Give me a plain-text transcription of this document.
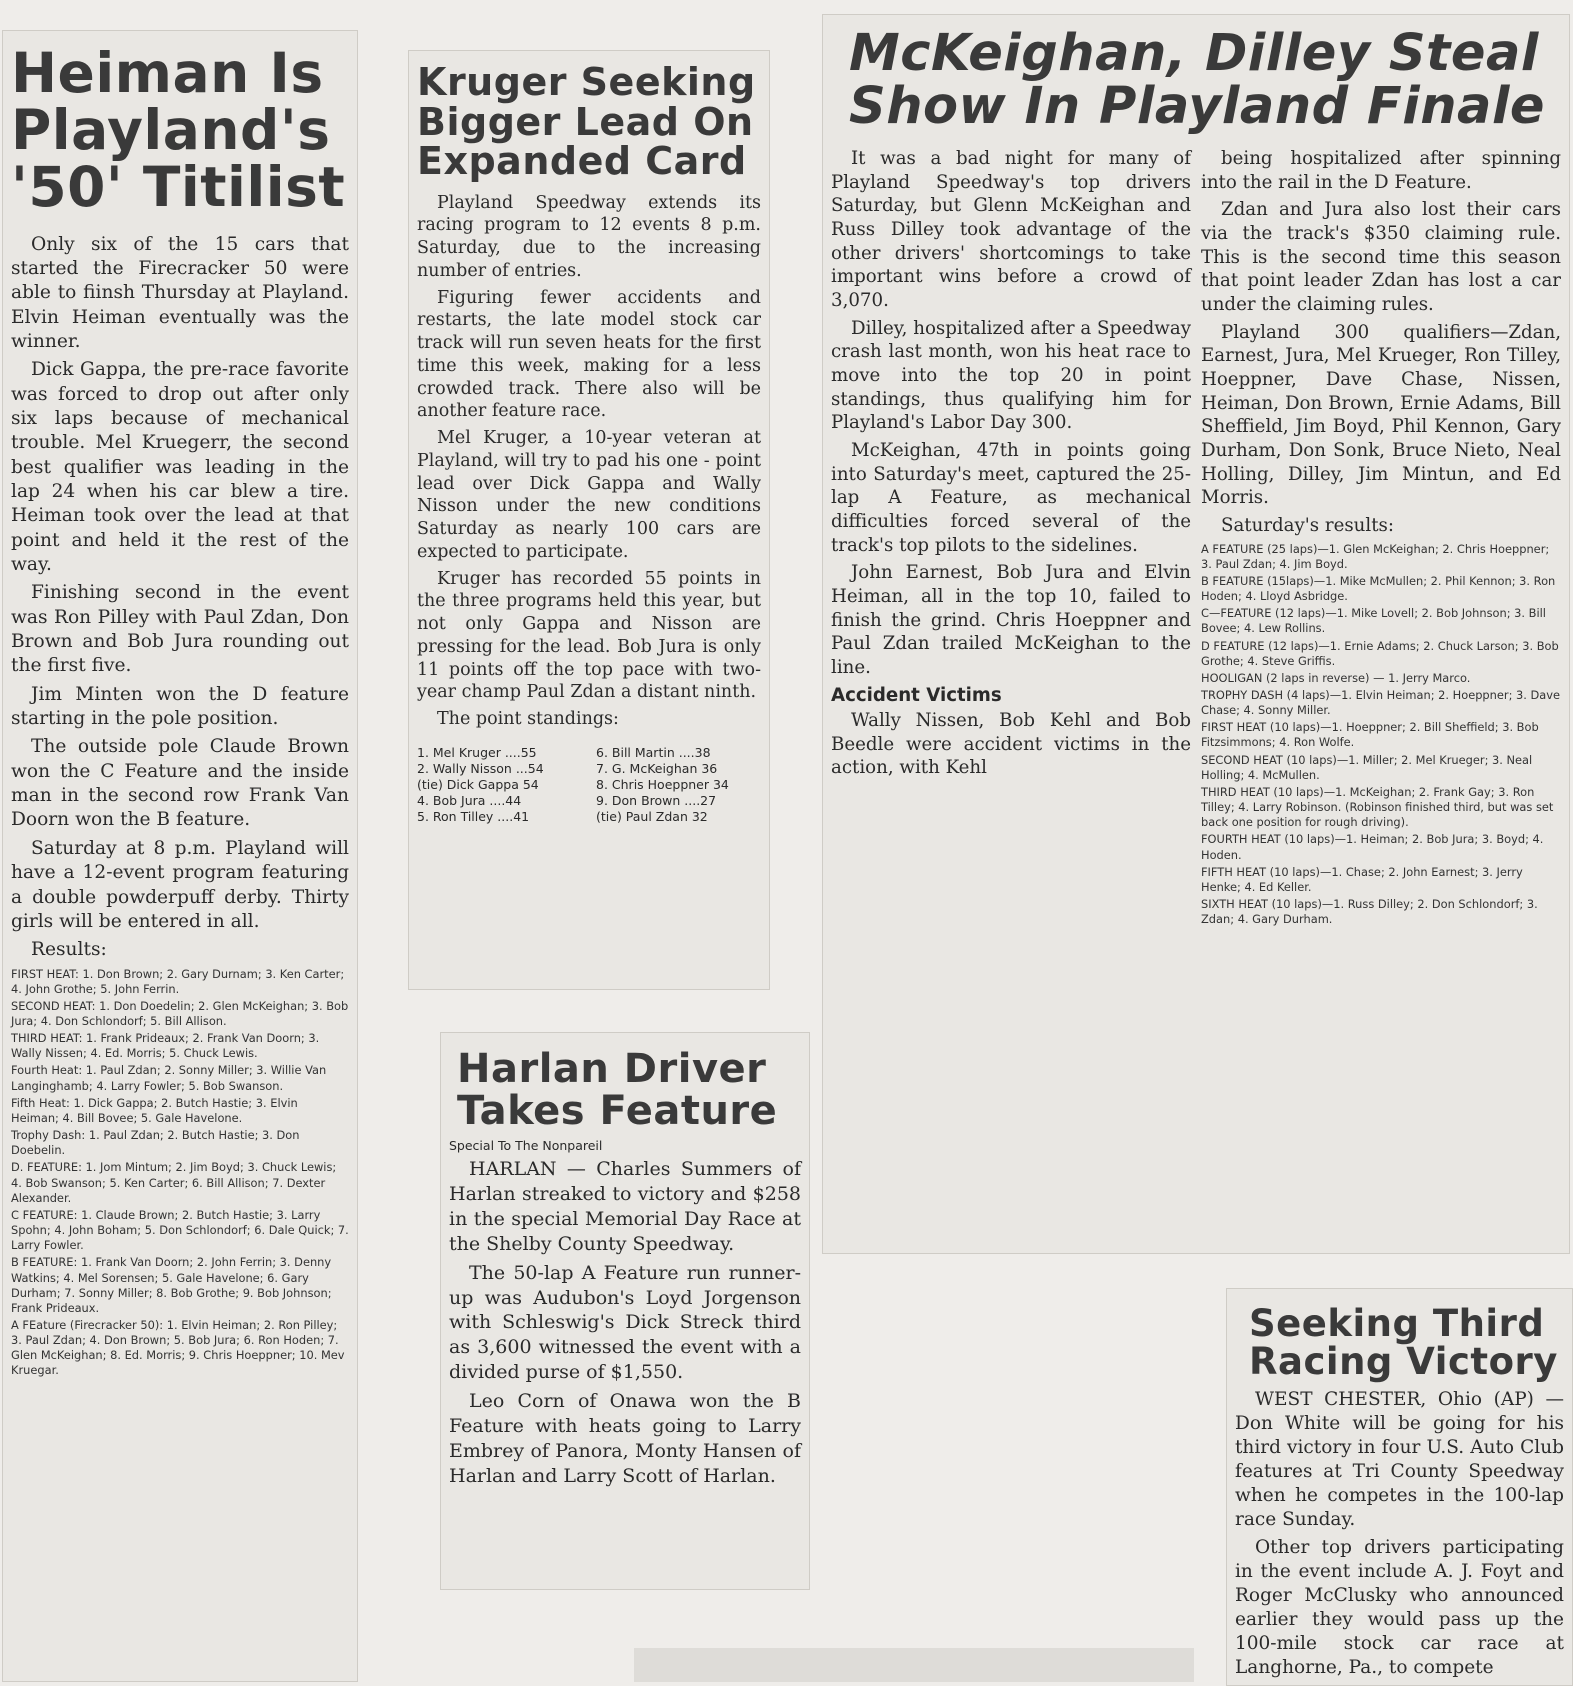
Heiman Is Playland's '50' Titilist

Only six of the 15 cars that started the Firecracker 50 were able to fiinsh Thursday at Playland. Elvin Heiman eventually was the winner.

Dick Gappa, the pre-race favorite was forced to drop out after only six laps because of mechanical trouble. Mel Kruegerr, the second best qualifier was leading in the lap 24 when his car blew a tire. Heiman took over the lead at that point and held it the rest of the way.

Finishing second in the event was Ron Pilley with Paul Zdan, Don Brown and Bob Jura rounding out the first five.

Jim Minten won the D feature starting in the pole position.

The outside pole Claude Brown won the C Feature and the inside man in the second row Frank Van Doorn won the B feature.

Saturday at 8 p.m. Playland will have a 12-event program featuring a double powderpuff derby. Thirty girls will be entered in all.

Results:

FIRST HEAT: 1. Don Brown; 2. Gary Durnam; 3. Ken Carter; 4. John Grothe; 5. John Ferrin.

SECOND HEAT: 1. Don Doedelin; 2. Glen McKeighan; 3. Bob Jura; 4. Don Schlondorf; 5. Bill Allison.

THIRD HEAT: 1. Frank Prideaux; 2. Frank Van Doorn; 3. Wally Nissen; 4. Ed. Morris; 5. Chuck Lewis.

Fourth Heat: 1. Paul Zdan; 2. Sonny Miller; 3. Willie Van Langinghamb; 4. Larry Fowler; 5. Bob Swanson.

Fifth Heat: 1. Dick Gappa; 2. Butch Hastie; 3. Elvin Heiman; 4. Bill Bovee; 5. Gale Havelone.

Trophy Dash: 1. Paul Zdan; 2. Butch Hastie; 3. Don Doebelin.

D. FEATURE: 1. Jom Mintum; 2. Jim Boyd; 3. Chuck Lewis; 4. Bob Swanson; 5. Ken Carter; 6. Bill Allison; 7. Dexter Alexander.

C FEATURE: 1. Claude Brown; 2. Butch Hastie; 3. Larry Spohn; 4. John Boham; 5. Don Schlondorf; 6. Dale Quick; 7. Larry Fowler.

B FEATURE: 1. Frank Van Doorn; 2. John Ferrin; 3. Denny Watkins; 4. Mel Sorensen; 5. Gale Havelone; 6. Gary Durham; 7. Sonny Miller; 8. Bob Grothe; 9. Bob Johnson; Frank Prideaux.

A FEature (Firecracker 50): 1. Elvin Heiman; 2. Ron Pilley; 3. Paul Zdan; 4. Don Brown; 5. Bob Jura; 6. Ron Hoden; 7. Glen McKeighan; 8. Ed. Morris; 9. Chris Hoeppner; 10. Mev Kruegar.

Kruger Seeking Bigger Lead On Expanded Card

Playland Speedway extends its racing program to 12 events 8 p.m. Saturday, due to the increasing number of entries.

Figuring fewer accidents and restarts, the late model stock car track will run seven heats for the first time this week, making for a less crowded track. There also will be another feature race.

Mel Kruger, a 10-year veteran at Playland, will try to pad his one - point lead over Dick Gappa and Wally Nisson under the new conditions Saturday as nearly 100 cars are expected to participate.

Kruger has recorded 55 points in the three programs held this year, but not only Gappa and Nisson are pressing for the lead. Bob Jura is only 11 points off the top pace with two-year champ Paul Zdan a distant ninth.

The point standings:

1. Mel Kruger ....55
2. Wally Nisson ...54
(tie) Dick Gappa 54
4. Bob Jura ....44
5. Ron Tilley ....41
6. Bill Martin ....38
7. G. McKeighan 36
8. Chris Hoeppner 34
9. Don Brown ....27
(tie) Paul Zdan 32
McKeighan, Dilley Steal Show In Playland Finale

It was a bad night for many of Playland Speedway's top drivers Saturday, but Glenn McKeighan and Russ Dilley took advantage of the other drivers' shortcomings to take important wins before a crowd of 3,070.

Dilley, hospitalized after a Speedway crash last month, won his heat race to move into the top 20 in point standings, thus qualifying him for Playland's Labor Day 300.

McKeighan, 47th in points going into Saturday's meet, captured the 25-lap A Feature, as mechanical difficulties forced several of the track's top pilots to the sidelines.

John Earnest, Bob Jura and Elvin Heiman, all in the top 10, failed to finish the grind. Chris Hoeppner and Paul Zdan trailed McKeighan to the line.

Accident Victims

Wally Nissen, Bob Kehl and Bob Beedle were accident victims in the action, with Kehl

being hospitalized after spinning into the rail in the D Feature.

Zdan and Jura also lost their cars via the track's $350 claiming rule. This is the second time this season that point leader Zdan has lost a car under the claiming rules.

Playland 300 qualifiers—Zdan, Earnest, Jura, Mel Krueger, Ron Tilley, Hoeppner, Dave Chase, Nissen, Heiman, Don Brown, Ernie Adams, Bill Sheffield, Jim Boyd, Phil Kennon, Gary Durham, Don Sonk, Bruce Nieto, Neal Holling, Dilley, Jim Mintun, and Ed Morris.

Saturday's results:

A FEATURE (25 laps)—1. Glen McKeighan; 2. Chris Hoeppner; 3. Paul Zdan; 4. Jim Boyd.

B FEATURE (15laps)—1. Mike McMullen; 2. Phil Kennon; 3. Ron Hoden; 4. Lloyd Asbridge.

C—FEATURE (12 laps)—1. Mike Lovell; 2. Bob Johnson; 3. Bill Bovee; 4. Lew Rollins.

D FEATURE (12 laps)—1. Ernie Adams; 2. Chuck Larson; 3. Bob Grothe; 4. Steve Griffis.

HOOLIGAN (2 laps in reverse) — 1. Jerry Marco.

TROPHY DASH (4 laps)—1. Elvin Heiman; 2. Hoeppner; 3. Dave Chase; 4. Sonny Miller.

FIRST HEAT (10 laps)—1. Hoeppner; 2. Bill Sheffield; 3. Bob Fitzsimmons; 4. Ron Wolfe.

SECOND HEAT (10 laps)—1. Miller; 2. Mel Krueger; 3. Neal Holling; 4. McMullen.

THIRD HEAT (10 laps)—1. McKeighan; 2. Frank Gay; 3. Ron Tilley; 4. Larry Robinson. (Robinson finished third, but was set back one position for rough driving).

FOURTH HEAT (10 laps)—1. Heiman; 2. Bob Jura; 3. Boyd; 4. Hoden.

FIFTH HEAT (10 laps)—1. Chase; 2. John Earnest; 3. Jerry Henke; 4. Ed Keller.

SIXTH HEAT (10 laps)—1. Russ Dilley; 2. Don Schlondorf; 3. Zdan; 4. Gary Durham.

Harlan Driver Takes Feature

Special To The Nonpareil

HARLAN — Charles Summers of Harlan streaked to victory and $258 in the special Memorial Day Race at the Shelby County Speedway.

The 50-lap A Feature run runner-up was Audubon's Loyd Jorgenson with Schleswig's Dick Streck third as 3,600 witnessed the event with a divided purse of $1,550.

Leo Corn of Onawa won the B Feature with heats going to Larry Embrey of Panora, Monty Hansen of Harlan and Larry Scott of Harlan.

Seeking Third Racing Victory

WEST CHESTER, Ohio (AP) —Don White will be going for his third victory in four U.S. Auto Club features at Tri County Speedway when he competes in the 100-lap race Sunday.

Other top drivers participating in the event include A. J. Foyt and Roger McClusky who announced earlier they would pass up the 100-mile stock car race at Langhorne, Pa., to compete
